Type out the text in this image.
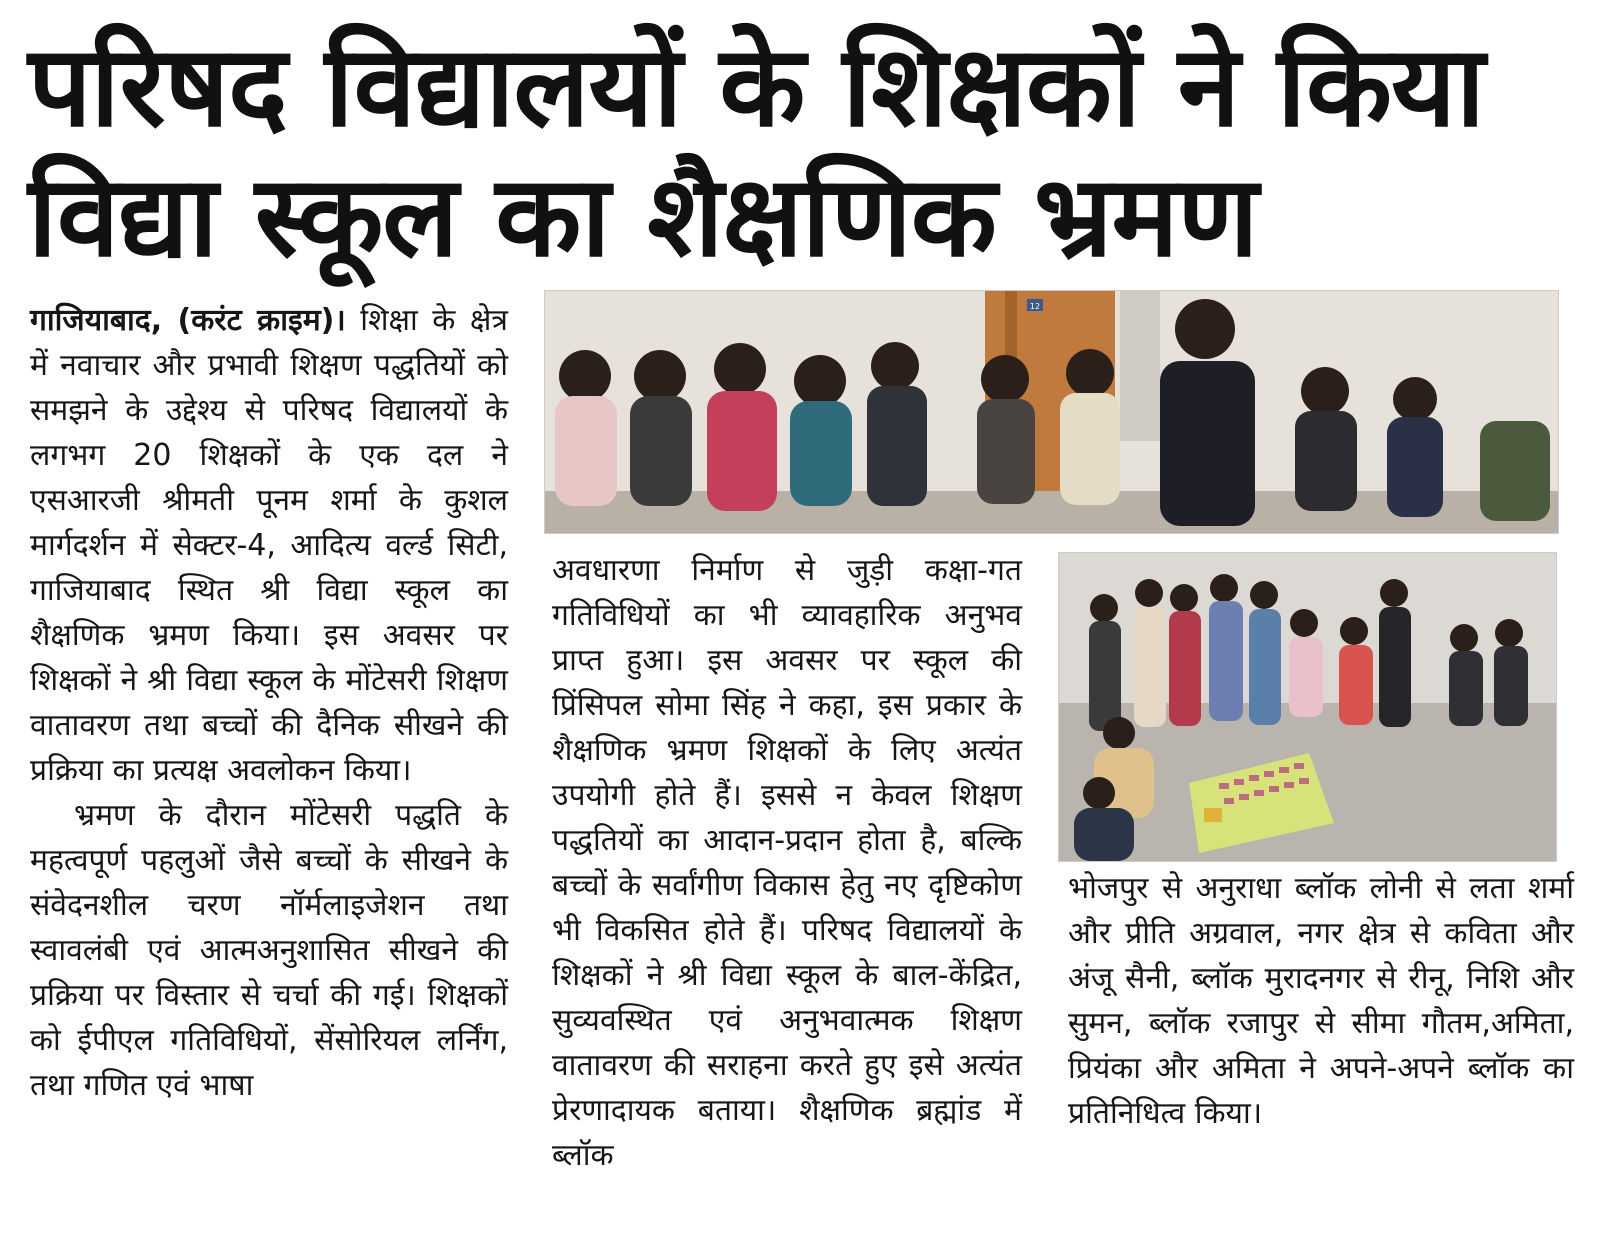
परिषद विद्यालयों के शिक्षकों ने किया
विद्या स्कूल का शैक्षणिक भ्रमण

गाजियाबाद, (करंट क्राइम)। शिक्षा के क्षेत्र में नवाचार और प्रभावी शिक्षण पद्धतियों को समझने के उद्देश्य से परिषद विद्यालयों के लगभग 20 शिक्षकों के एक दल ने एसआरजी श्रीमती पूनम शर्मा के कुशल मार्गदर्शन में सेक्टर-4, आदित्य वर्ल्ड सिटी, गाजियाबाद स्थित श्री विद्या स्कूल का शैक्षणिक भ्रमण किया। इस अवसर पर शिक्षकों ने श्री विद्या स्कूल के मोंटेसरी शिक्षण वातावरण तथा बच्चों की दैनिक सीखने की प्रक्रिया का प्रत्यक्ष अवलोकन किया।

भ्रमण के दौरान मोंटेसरी पद्धति के महत्वपूर्ण पहलुओं जैसे बच्चों के सीखने के संवेदनशील चरण नॉर्मलाइजेशन तथा स्वावलंबी एवं आत्मअनुशासित सीखने की प्रक्रिया पर विस्तार से चर्चा की गई। शिक्षकों को ईपीएल गतिविधियों, सेंसोरियल लर्निंग, तथा गणित एवं भाषा

12

अवधारणा निर्माण से जुड़ी कक्षा-गत गतिविधियों का भी व्यावहारिक अनुभव प्राप्त हुआ। इस अवसर पर स्कूल की प्रिंसिपल सोमा सिंह ने कहा, इस प्रकार के शैक्षणिक भ्रमण शिक्षकों के लिए अत्यंत उपयोगी होते हैं। इससे न केवल शिक्षण पद्धतियों का आदान-प्रदान होता है, बल्कि बच्चों के सर्वांगीण विकास हेतु नए दृष्टिकोण भी विकसित होते हैं। परिषद विद्यालयों के शिक्षकों ने श्री विद्या स्कूल के बाल-केंद्रित, सुव्यवस्थित एवं अनुभवात्मक शिक्षण वातावरण की सराहना करते हुए इसे अत्यंत प्रेरणादायक बताया। शैक्षणिक ब्रह्मांड में ब्लॉक

भोजपुर से अनुराधा ब्लॉक लोनी से लता शर्मा और प्रीति अग्रवाल, नगर क्षेत्र से कविता और अंजू सैनी, ब्लॉक मुरादनगर से रीनू, निशि और सुमन, ब्लॉक रजापुर से सीमा गौतम,अमिता, प्रियंका और अमिता ने अपने-अपने ब्लॉक का प्रतिनिधित्व किया।
